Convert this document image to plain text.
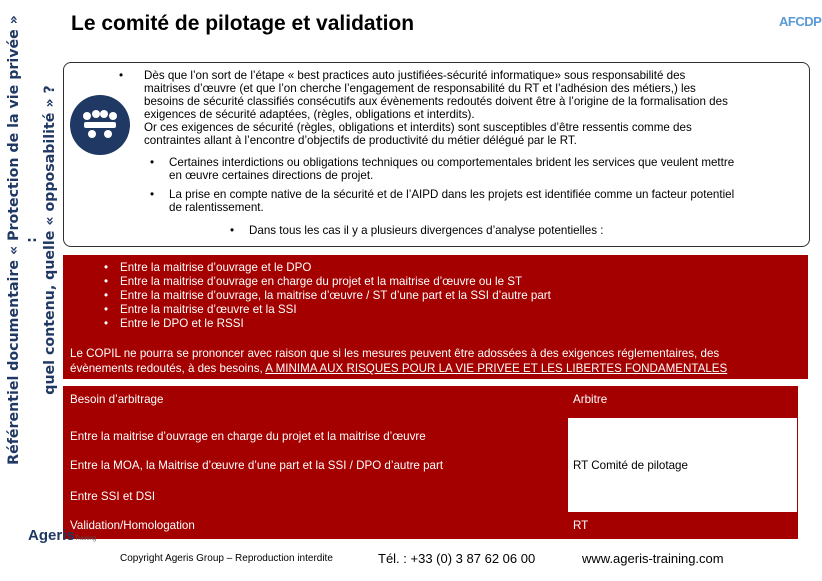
Référentiel documentaire « Protection de la vie privée » : quel contenu, quelle « opposabilité » ?
Le comité de pilotage et validation	AFCDP
• Dès que l’on sort de l’étape « best practices auto justifiées-sécurité informatique» sous responsabilité des
maitrises d’œuvre (et que l’on cherche l’engagement de responsabilité du RT et l’adhésion des métiers,) les
besoins de sécurité classifiés consécutifs aux évènements redoutés doivent être à l’origine de la formalisation des
exigences de sécurité adaptées, (règles, obligations et interdits).
Or ces exigences de sécurité (règles, obligations et interdits) sont susceptibles d’être ressentis comme des
contraintes allant à l’encontre d’objectifs de productivité du métier délégué par le RT.
• Certaines interdictions ou obligations techniques ou comportementales brident les services que veulent mettre
en œuvre certaines directions de projet.
• La prise en compte native de la sécurité et de l’AIPD dans les projets est identifiée comme un facteur potentiel
de ralentissement.
• Dans tous les cas il y a plusieurs divergences d’analyse potentielles :
• Entre la maitrise d’ouvrage et le DPO
• Entre la maitrise d’ouvrage en charge du projet et la maitrise d’œuvre ou le ST
• Entre la maitrise d’ouvrage, la maitrise d’œuvre / ST d’une part et la SSI d’autre part
• Entre la maitrise d’œuvre et la SSI
• Entre le DPO et le RSSI
Le COPIL ne pourra se prononcer avec raison que si les mesures peuvent être adossées à des exigences réglementaires, des
évènements redoutés, à des besoins, A MINIMA AUX RISQUES POUR LA VIE PRIVEE ET LES LIBERTES FONDAMENTALES
Besoin d’arbitrage	Arbitre
Entre la maitrise d’ouvrage en charge du projet et la maitrise d’œuvre
Entre la MOA, la Maitrise d’œuvre d’une part et la SSI / DPO d’autre part	RT Comité de pilotage
Entre SSI et DSI
Validation/Homologation	RT
AgerisTraining
Copyright Ageris Group – Reproduction interdite	Tél. : +33 (0) 3 87 62 06 00	www.ageris-training.com
